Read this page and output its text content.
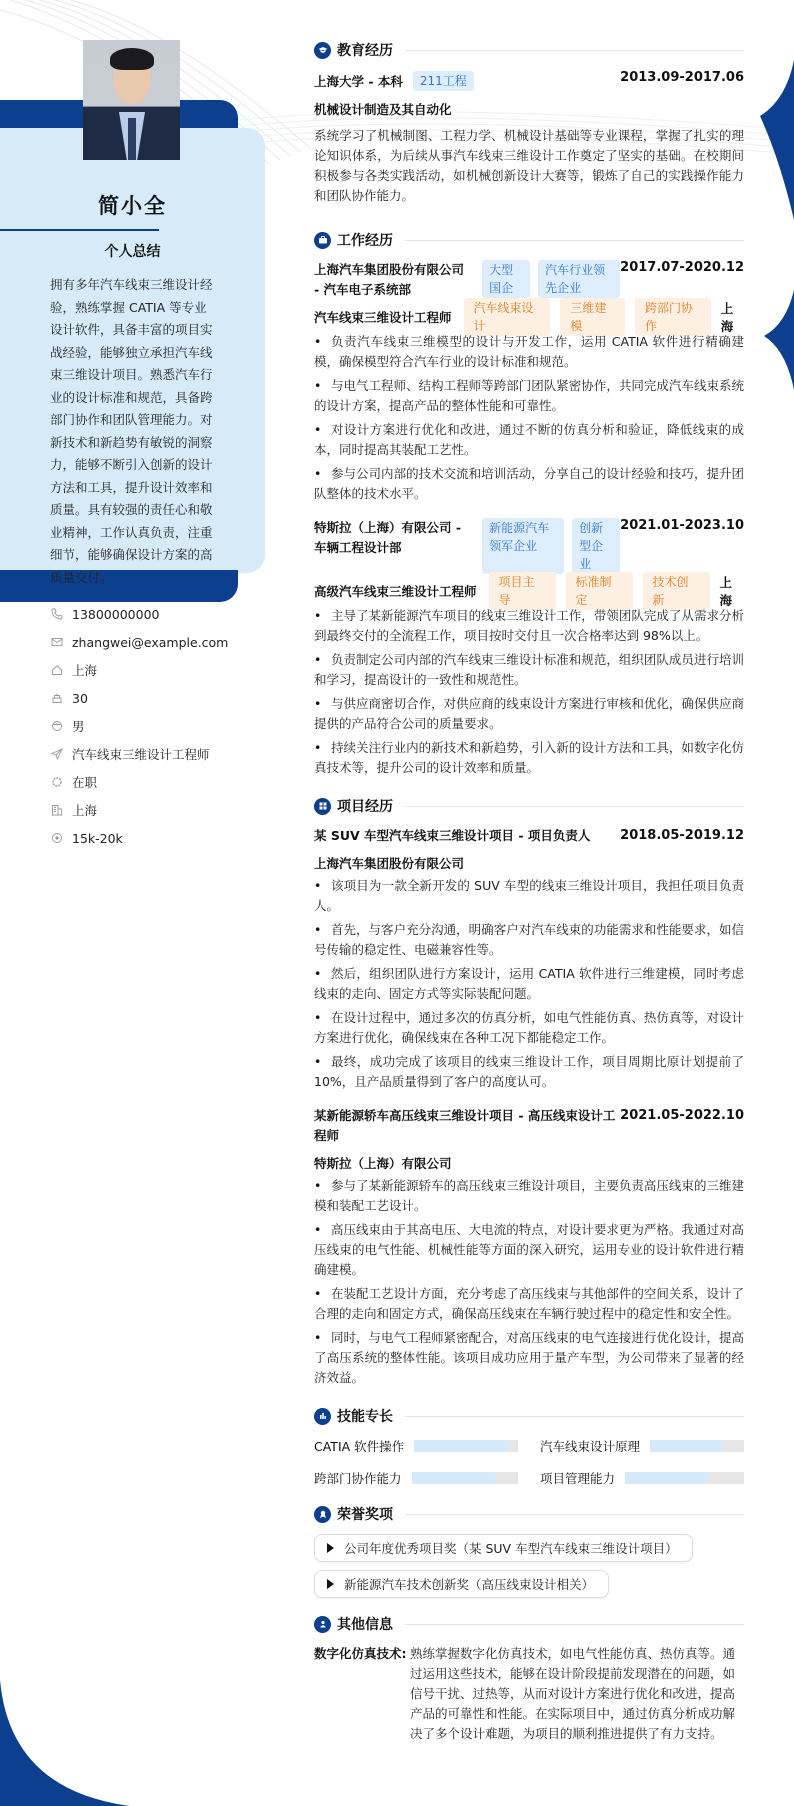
简小全
个人总结
拥有多年汽车线束三维设计经验，熟练掌握 CATIA 等专业设计软件，具备丰富的项目实战经验，能够独立承担汽车线束三维设计项目。熟悉汽车行业的设计标准和规范，具备跨部门协作和团队管理能力。对新技术和新趋势有敏锐的洞察力，能够不断引入创新的设计方法和工具，提升设计效率和质量。具有较强的责任心和敬业精神，工作认真负责，注重细节，能够确保设计方案的高质量交付。
13800000000
zhangwei@example.com
上海
30
男
汽车线束三维设计工程师
在职
上海
15k-20k
教育经历
上海大学 - 本科	211工程	2013.09-2017.06
机械设计制造及其自动化
系统学习了机械制图、工程力学、机械设计基础等专业课程，掌握了扎实的理论知识体系，为后续从事汽车线束三维设计工作奠定了坚实的基础。在校期间积极参与各类实践活动，如机械创新设计大赛等，锻炼了自己的实践操作能力和团队协作能力。
工作经历
上海汽车集团股份有限公司 - 汽车电子系统部
大型国企
汽车行业领先企业
2017.07-2020.12
汽车线束三维设计工程师
汽车线束设计
三维建模
跨部门协作
上海
• 负责汽车线束三维模型的设计与开发工作，运用 CATIA 软件进行精确建模，确保模型符合汽车行业的设计标准和规范。
• 与电气工程师、结构工程师等跨部门团队紧密协作，共同完成汽车线束系统的设计方案，提高产品的整体性能和可靠性。
• 对设计方案进行优化和改进，通过不断的仿真分析和验证，降低线束的成本，同时提高其装配工艺性。
• 参与公司内部的技术交流和培训活动，分享自己的设计经验和技巧，提升团队整体的技术水平。
特斯拉（上海）有限公司 - 车辆工程设计部
新能源汽车领军企业
创新型企业
2021.01-2023.10
高级汽车线束三维设计工程师
项目主导
标准制定
技术创新
上海
• 主导了某新能源汽车项目的线束三维设计工作，带领团队完成了从需求分析到最终交付的全流程工作，项目按时交付且一次合格率达到 98%以上。
• 负责制定公司内部的汽车线束三维设计标准和规范，组织团队成员进行培训和学习，提高设计的一致性和规范性。
• 与供应商密切合作，对供应商的线束设计方案进行审核和优化，确保供应商提供的产品符合公司的质量要求。
• 持续关注行业内的新技术和新趋势，引入新的设计方法和工具，如数字化仿真技术等，提升公司的设计效率和质量。
项目经历
某 SUV 车型汽车线束三维设计项目 - 项目负责人	2018.05-2019.12
上海汽车集团股份有限公司
• 该项目为一款全新开发的 SUV 车型的线束三维设计项目，我担任项目负责人。
• 首先，与客户充分沟通，明确客户对汽车线束的功能需求和性能要求，如信号传输的稳定性、电磁兼容性等。
• 然后，组织团队进行方案设计，运用 CATIA 软件进行三维建模，同时考虑线束的走向、固定方式等实际装配问题。
• 在设计过程中，通过多次的仿真分析，如电气性能仿真、热仿真等，对设计方案进行优化，确保线束在各种工况下都能稳定工作。
• 最终，成功完成了该项目的线束三维设计工作，项目周期比原计划提前了 10%，且产品质量得到了客户的高度认可。
某新能源轿车高压线束三维设计项目 - 高压线束设计工程师
2021.05-2022.10
特斯拉（上海）有限公司
• 参与了某新能源轿车的高压线束三维设计项目，主要负责高压线束的三维建模和装配工艺设计。
• 高压线束由于其高电压、大电流的特点，对设计要求更为严格。我通过对高压线束的电气性能、机械性能等方面的深入研究，运用专业的设计软件进行精确建模。
• 在装配工艺设计方面，充分考虑了高压线束与其他部件的空间关系，设计了合理的走向和固定方式，确保高压线束在车辆行驶过程中的稳定性和安全性。
• 同时，与电气工程师紧密配合，对高压线束的电气连接进行优化设计，提高了高压系统的整体性能。该项目成功应用于量产车型，为公司带来了显著的经济效益。
技能专长
CATIA 软件操作	汽车线束设计原理
跨部门协作能力	项目管理能力
荣誉奖项
公司年度优秀项目奖（某 SUV 车型汽车线束三维设计项目）
新能源汽车技术创新奖（高压线束设计相关）
其他信息
数字化仿真技术: 熟练掌握数字化仿真技术，如电气性能仿真、热仿真等。通过运用这些技术，能够在设计阶段提前发现潜在的问题，如信号干扰、过热等，从而对设计方案进行优化和改进，提高产品的可靠性和性能。在实际项目中，通过仿真分析成功解决了多个设计难题，为项目的顺利推进提供了有力支持。
